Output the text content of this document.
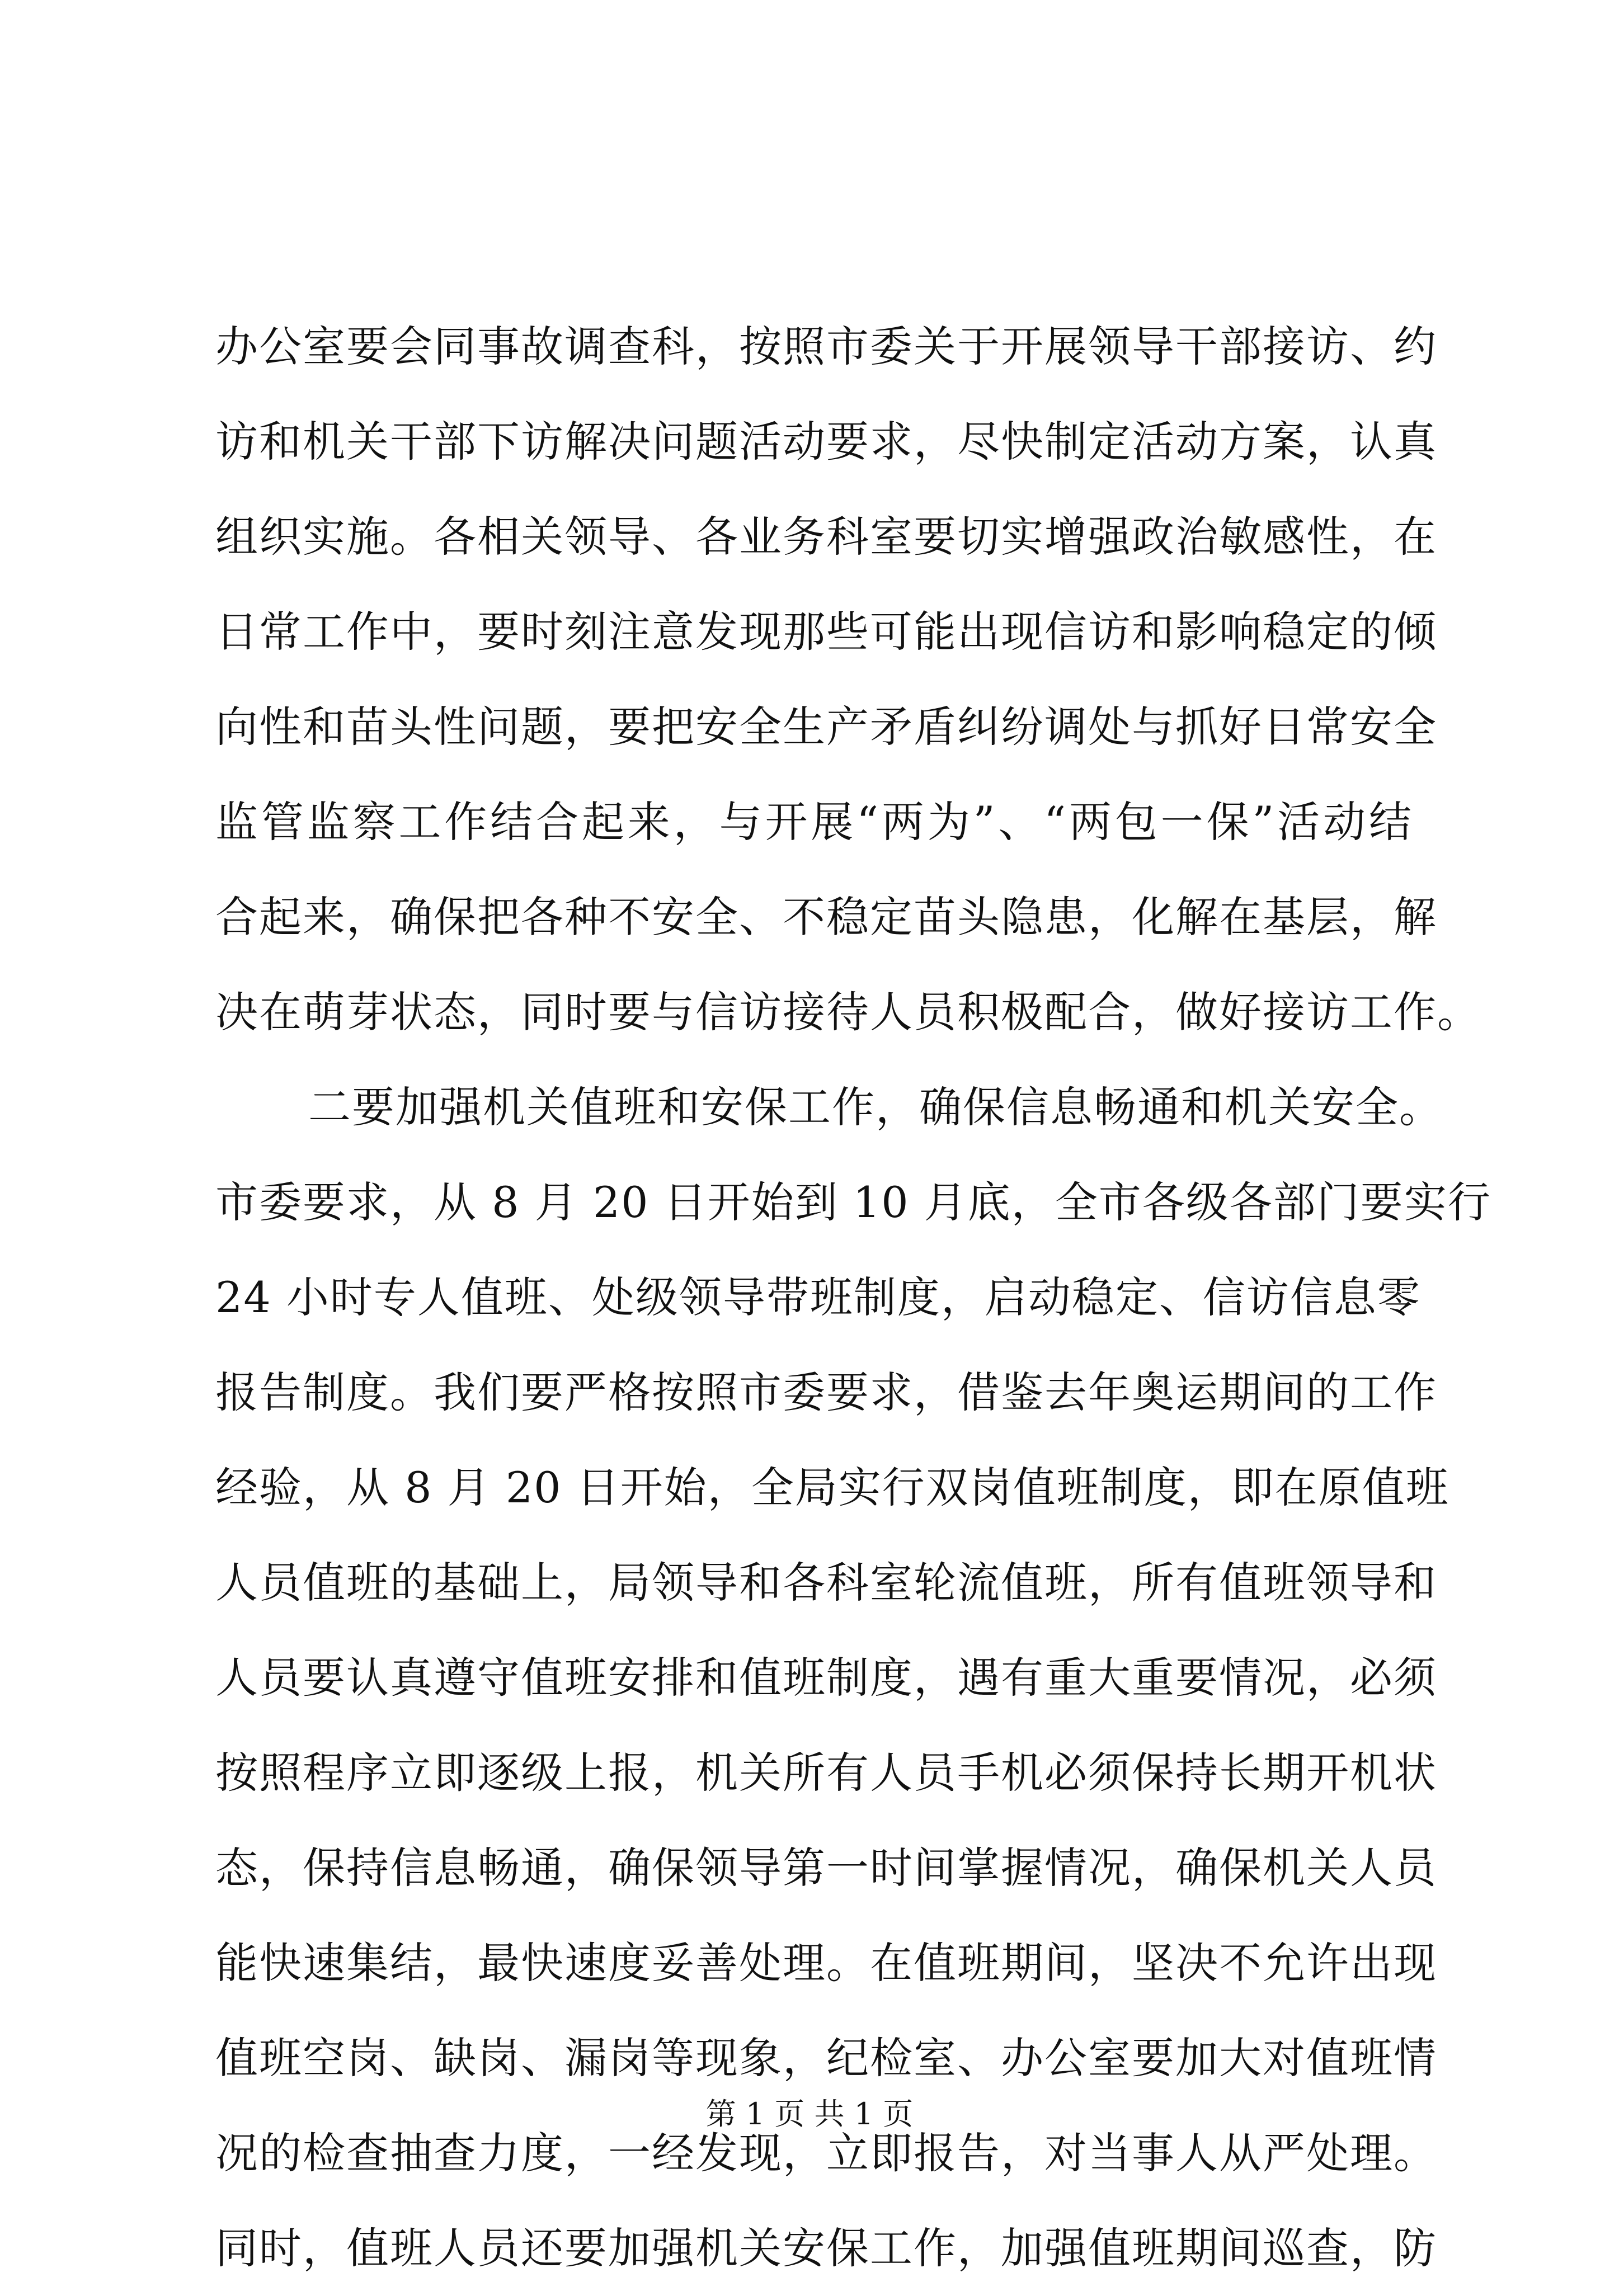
办公室要会同事故调查科，按照市委关于开展领导干部接访、约
访和机关干部下访解决问题活动要求，尽快制定活动方案，认真
组织实施。各相关领导、各业务科室要切实增强政治敏感性，在
日常工作中，要时刻注意发现那些可能出现信访和影响稳定的倾
向性和苗头性问题，要把安全生产矛盾纠纷调处与抓好日常安全
监管监察工作结合起来，与开展“两为”、“两包一保”活动结
合起来，确保把各种不安全、不稳定苗头隐患，化解在基层，解
决在萌芽状态，同时要与信访接待人员积极配合，做好接访工作。
二要加强机关值班和安保工作，确保信息畅通和机关安全。
市委要求，从 8 月 20 日开始到 10 月底，全市各级各部门要实行
24 小时专人值班、处级领导带班制度，启动稳定、信访信息零
报告制度。我们要严格按照市委要求，借鉴去年奥运期间的工作
经验，从 8 月 20 日开始，全局实行双岗值班制度，即在原值班
人员值班的基础上，局领导和各科室轮流值班，所有值班领导和
人员要认真遵守值班安排和值班制度，遇有重大重要情况，必须
按照程序立即逐级上报，机关所有人员手机必须保持长期开机状
态，保持信息畅通，确保领导第一时间掌握情况，确保机关人员
能快速集结，最快速度妥善处理。在值班期间，坚决不允许出现
值班空岗、缺岗、漏岗等现象，纪检室、办公室要加大对值班情
况的检查抽查力度，一经发现，立即报告，对当事人从严处理。
同时，值班人员还要加强机关安保工作，加强值班期间巡查，防
第 1 页 共 1 页
